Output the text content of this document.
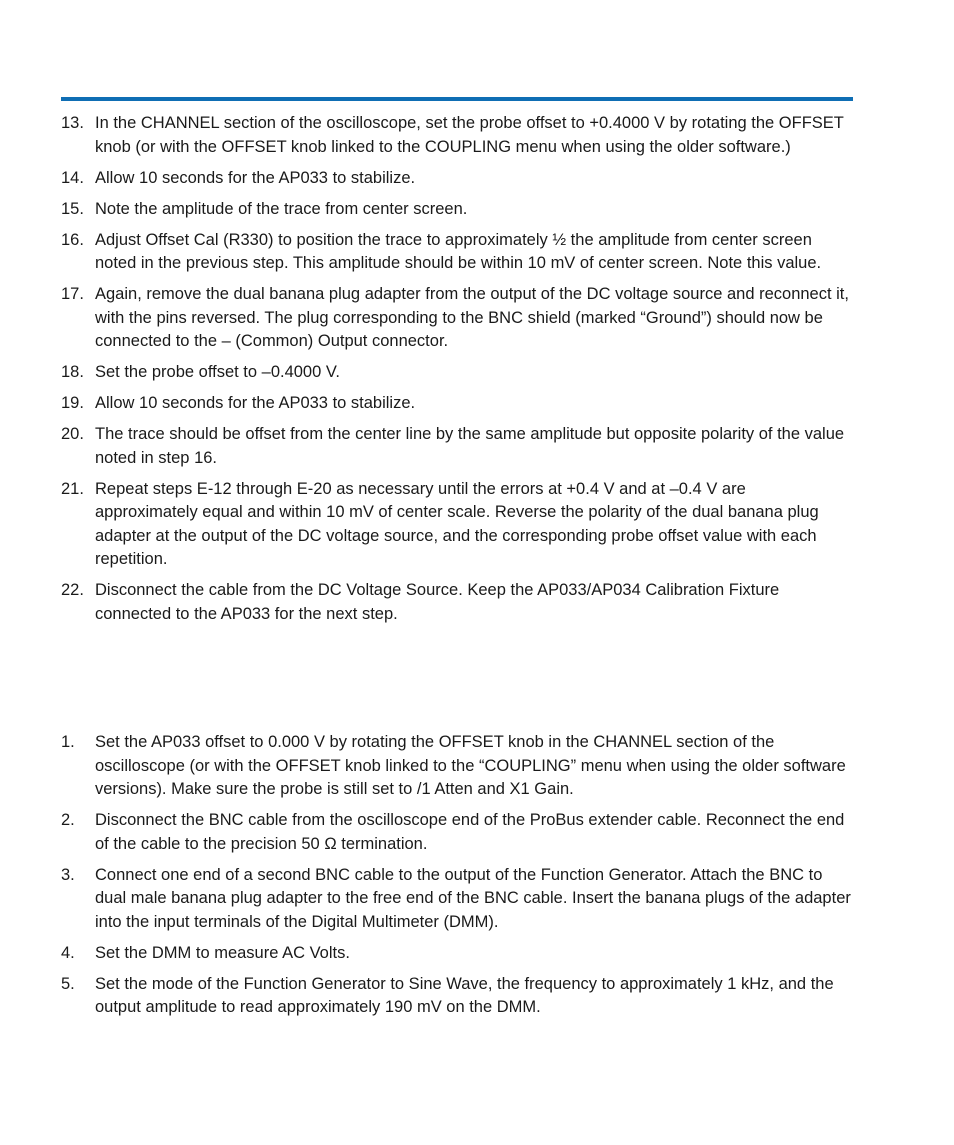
13. In the CHANNEL section of the oscilloscope, set the probe offset to +0.4000 V by rotating the OFFSET knob (or with the OFFSET knob linked to the COUPLING menu when using the older software.)
14. Allow 10 seconds for the AP033 to stabilize.
15. Note the amplitude of the trace from center screen.
16. Adjust Offset Cal (R330) to position the trace to approximately ½ the amplitude from center screen noted in the previous step. This amplitude should be within 10 mV of center screen. Note this value.
17. Again, remove the dual banana plug adapter from the output of the DC voltage source and reconnect it, with the pins reversed. The plug corresponding to the BNC shield (marked “Ground”) should now be connected to the – (Common) Output connector.
18. Set the probe offset to –0.4000 V.
19. Allow 10 seconds for the AP033 to stabilize.
20. The trace should be offset from the center line by the same amplitude but opposite polarity of the value noted in step 16.
21. Repeat steps E-12 through E-20 as necessary until the errors at +0.4 V and at –0.4 V are approximately equal and within 10 mV of center scale. Reverse the polarity of the dual banana plug adapter at the output of the DC voltage source, and the corresponding probe offset value with each repetition.
22. Disconnect the cable from the DC Voltage Source. Keep the AP033/AP034 Calibration Fixture connected to the AP033 for the next step.
1.	Set the AP033 offset to 0.000 V by rotating the OFFSET knob in the CHANNEL section of the oscilloscope (or with the OFFSET knob linked to the “COUPLING” menu when using the older software versions). Make sure the probe is still set to /1 Atten and X1 Gain.
2.	Disconnect the BNC cable from the oscilloscope end of the ProBus extender cable. Reconnect the end of the cable to the precision 50 Ω termination.
3.	Connect one end of a second BNC cable to the output of the Function Generator. Attach the BNC to dual male banana plug adapter to the free end of the BNC cable. Insert the banana plugs of the adapter into the input terminals of the Digital Multimeter (DMM).
4.	Set the DMM to measure AC Volts.
5.	Set the mode of the Function Generator to Sine Wave, the frequency to approximately 1 kHz, and the output amplitude to read approximately 190 mV on the DMM.
